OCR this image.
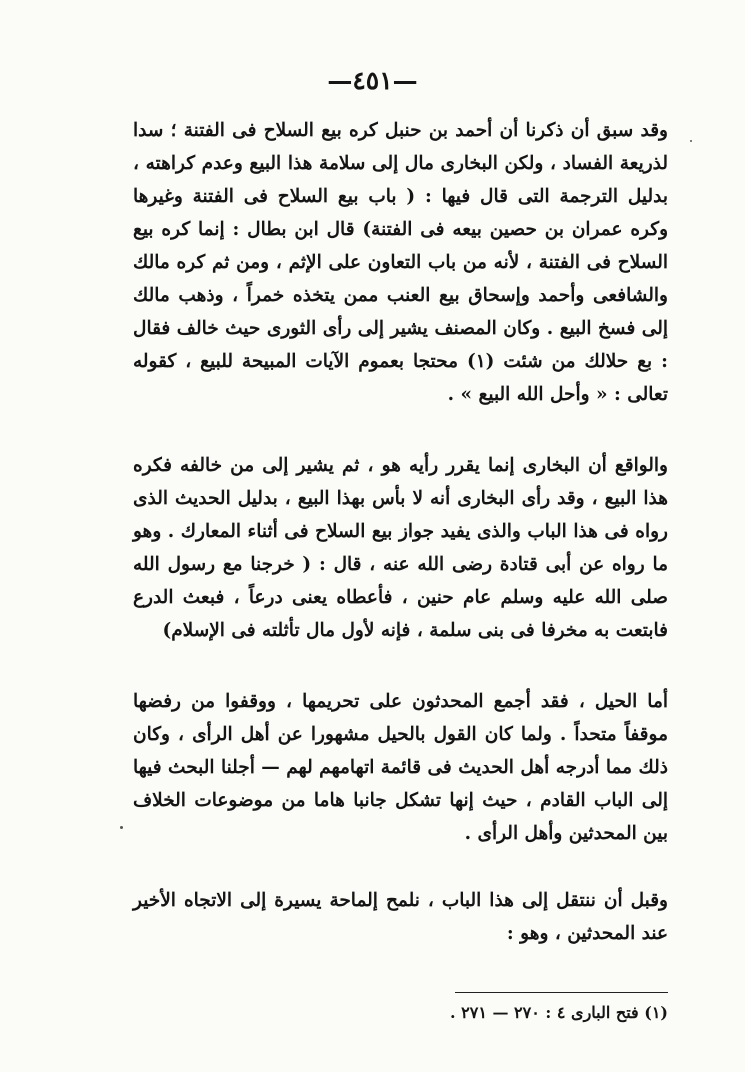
—٤٥١—

وقد سبق أن ذكرنا أن أحمد بن حنبل كره بيع السلاح فى الفتنة ؛ سدا لذريعة الفساد ، ولكن البخارى مال إلى سلامة هذا البيع وعدم كراهته ، بدليل الترجمة التى قال فيها : ( باب بيع السلاح فى الفتنة وغيرها وكره عمران بن حصين بيعه فى الفتنة) قال ابن بطال : إنما كره بيع السلاح فى الفتنة ، لأنه من باب التعاون على الإثم ، ومن ثم كره مالك والشافعى وأحمد وإسحاق بيع العنب ممن يتخذه خمراً ، وذهب مالك إلى فسخ البيع . وكان المصنف يشير إلى رأى الثورى حيث خالف فقال : بع حلالك من شئت (١) محتجا بعموم الآيات المبيحة للبيع ، كقوله تعالى : « وأحل الله البيع » .

والواقع أن البخارى إنما يقرر رأيه هو ، ثم يشير إلى من خالفه فكره هذا البيع ، وقد رأى البخارى أنه لا بأس بهذا البيع ، بدليل الحديث الذى رواه فى هذا الباب والذى يفيد جواز بيع السلاح فى أثناء المعارك . وهو ما رواه عن أبى قتادة رضى الله عنه ، قال : ( خرجنا مع رسول الله صلى الله عليه وسلم عام حنين ، فأعطاه يعنى درعاً ، فبعث الدرع فابتعت به مخرفا فى بنى سلمة ، فإنه لأول مال تأثلته فى الإسلام)

أما الحيل ، فقد أجمع المحدثون على تحريمها ، ووقفوا من رفضها موقفاً متحداً . ولما كان القول بالحيل مشهورا عن أهل الرأى ، وكان ذلك مما أدرجه أهل الحديث فى قائمة اتهامهم لهم — أجلنا البحث فيها إلى الباب القادم ، حيث إنها تشكل جانبا هاما من موضوعات الخلاف بين المحدثين وأهل الرأى .

وقبل أن ننتقل إلى هذا الباب ، نلمح إلماحة يسيرة إلى الاتجاه الأخير عند المحدثين ، وهو :

(١) فتح البارى ٤ : ٢٧٠ — ٢٧١ .
